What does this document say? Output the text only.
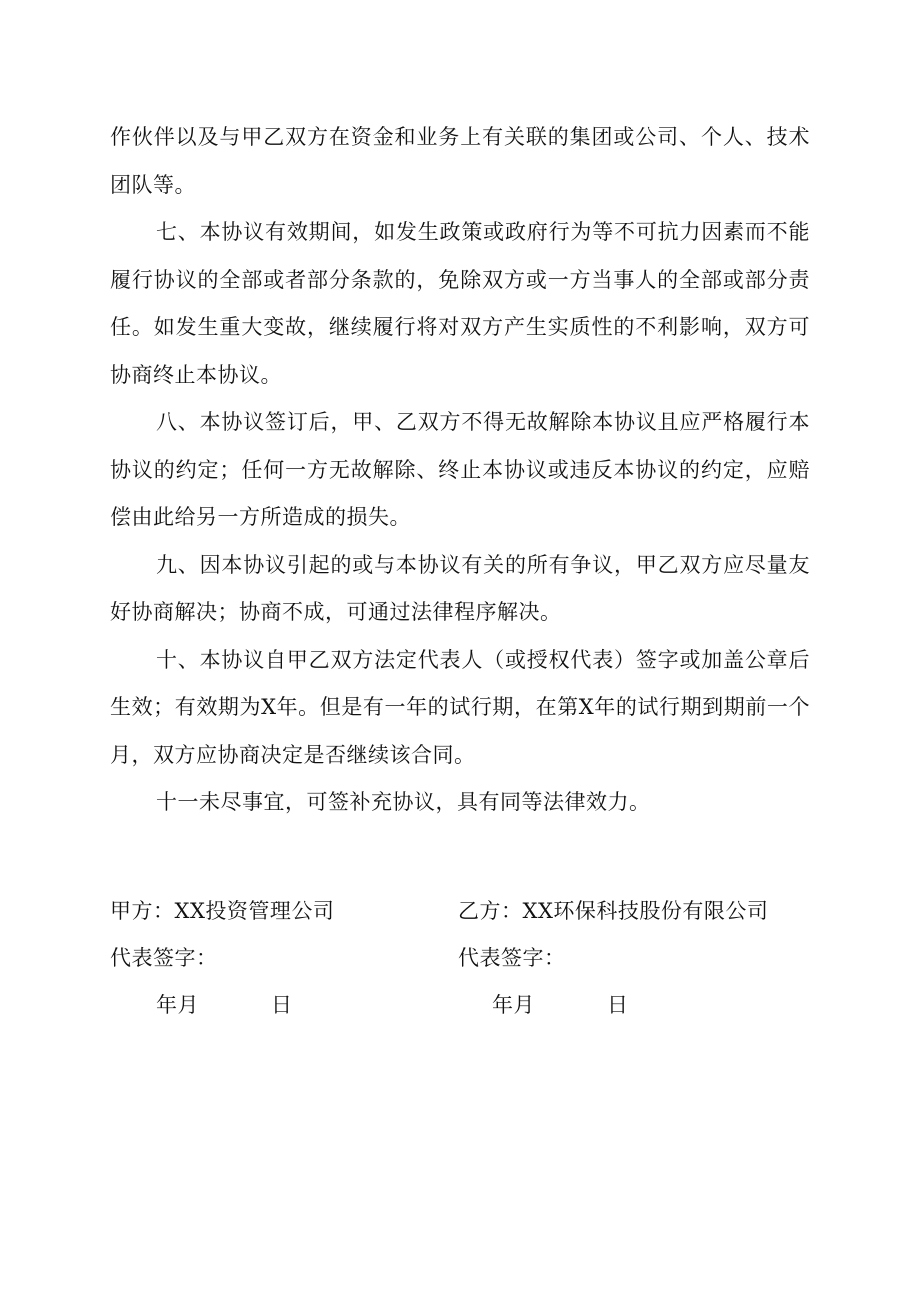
作伙伴以及与甲乙双方在资金和业务上有关联的集团或公司、个人、技术团队等。

七、本协议有效期间，如发生政策或政府行为等不可抗力因素而不能履行协议的全部或者部分条款的，免除双方或一方当事人的全部或部分责任。如发生重大变故，继续履行将对双方产生实质性的不利影响，双方可协商终止本协议。

八、本协议签订后，甲、乙双方不得无故解除本协议且应严格履行本协议的约定；任何一方无故解除、终止本协议或违反本协议的约定，应赔偿由此给另一方所造成的损失。

九、因本协议引起的或与本协议有关的所有争议，甲乙双方应尽量友好协商解决；协商不成，可通过法律程序解决。

十、本协议自甲乙双方法定代表人（或授权代表）签字或加盖公章后生效；有效期为X年。但是有一年的试行期，在第X年的试行期到期前一个月，双方应协商决定是否继续该合同。

十一未尽事宜，可签补充协议，具有同等法律效力。

甲方：XX投资管理公司
代表签字：
年月	日
乙方：XX环保科技股份有限公司
代表签字：
年月	日
